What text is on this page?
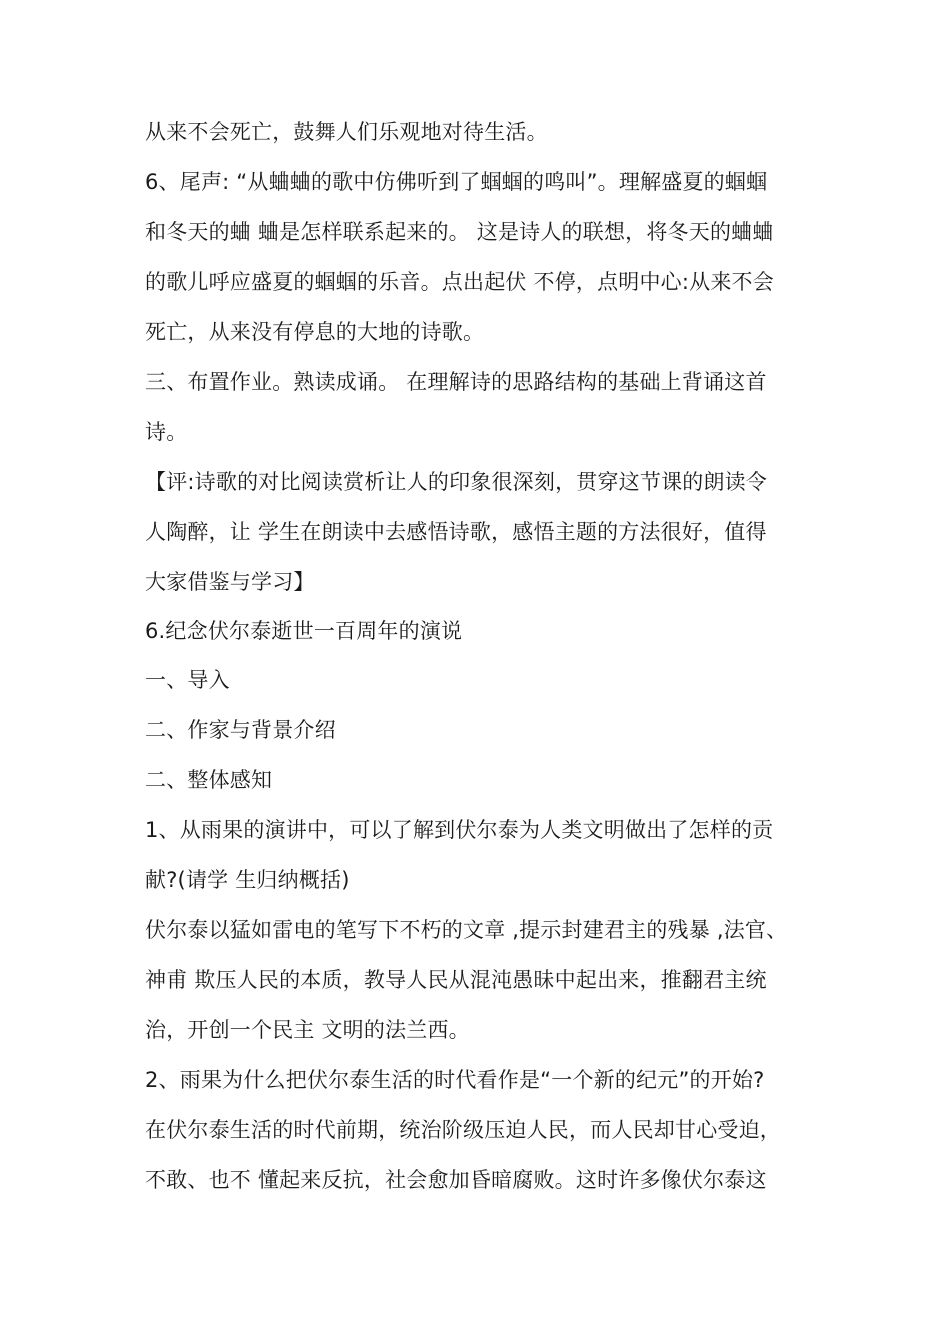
从来不会死亡，鼓舞人们乐观地对待生活。
6、尾声: “从蛐蛐的歌中仿佛听到了蝈蝈的鸣叫”。理解盛夏的蝈蝈
和冬天的蛐 蛐是怎样联系起来的。 这是诗人的联想，将冬天的蛐蛐
的歌儿呼应盛夏的蝈蝈的乐音。点出起伏 不停，点明中心:从来不会
死亡，从来没有停息的大地的诗歌。
三、布置作业。熟读成诵。 在理解诗的思路结构的基础上背诵这首
诗。
【评:诗歌的对比阅读赏析让人的印象很深刻，贯穿这节课的朗读令
人陶醉，让 学生在朗读中去感悟诗歌，感悟主题的方法很好，值得
大家借鉴与学习】
6.纪念伏尔泰逝世一百周年的演说
一、导入
二、作家与背景介绍
二、整体感知
1、从雨果的演讲中，可以了解到伏尔泰为人类文明做出了怎样的贡
献?(请学 生归纳概括)
伏尔泰以猛如雷电的笔写下不朽的文章 ,提示封建君主的残暴 ,法官、
神甫 欺压人民的本质，教导人民从混沌愚昧中起出来，推翻君主统
治，开创一个民主 文明的法兰西。
2、雨果为什么把伏尔泰生活的时代看作是“一个新的纪元”的开始?
在伏尔泰生活的时代前期，统治阶级压迫人民，而人民却甘心受迫，
不敢、也不 懂起来反抗，社会愈加昏暗腐败。这时许多像伏尔泰这
